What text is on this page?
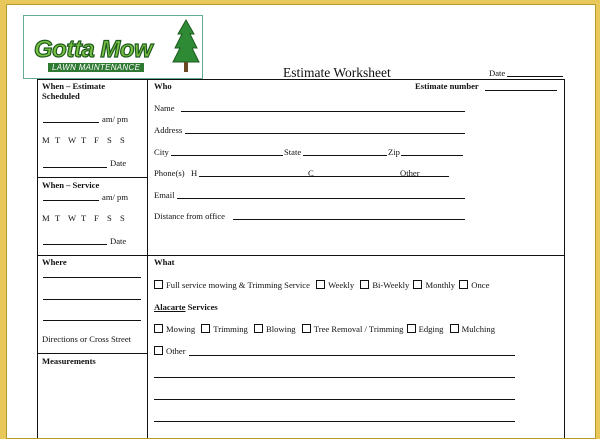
Gotta Mow
LAWN MAINTENANCE	Estimate Worksheet	Date
When – Estimate Scheduled
am/ pm
M T W T F S S
Date
When – Service
am/ pm
M T W T F S S
Date
Where
Directions or Cross Street
Measurements
Who	Estimate number
Name
Address
City	State	Zip
Phone(s) H	C	Other
Email
Distance from office
What
Full service mowing & Trimming Service Weekly Bi-Weekly Monthly Once
Alacarte Services
Mowing Trimming Blowing Tree Removal / Trimming Edging Mulching
Other
